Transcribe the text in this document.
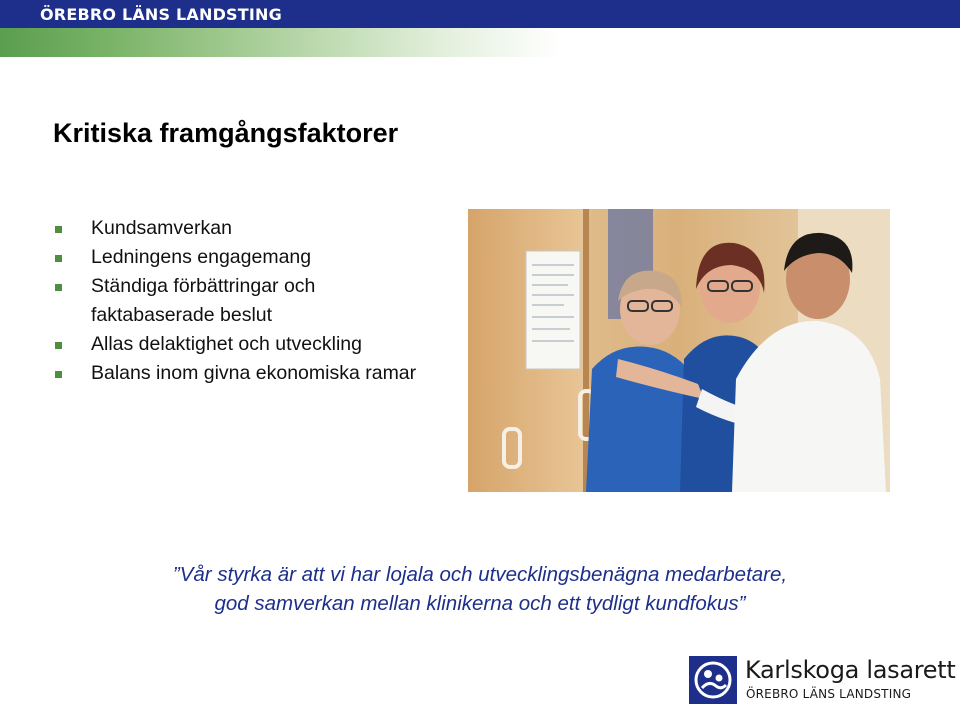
ÖREBRO LÄNS LANDSTING
Kritiska framgångsfaktorer
Kundsamverkan
Ledningens engagemang
Ständiga förbättringar och faktabaserade beslut
Allas delaktighet och utveckling
Balans inom givna ekonomiska ramar
”Vår styrka är att vi har lojala och utvecklingsbenägna medarbetare,
god samverkan mellan klinikerna och ett tydligt kundfokus”
Karlskoga lasarett
ÖREBRO LÄNS LANDSTING
